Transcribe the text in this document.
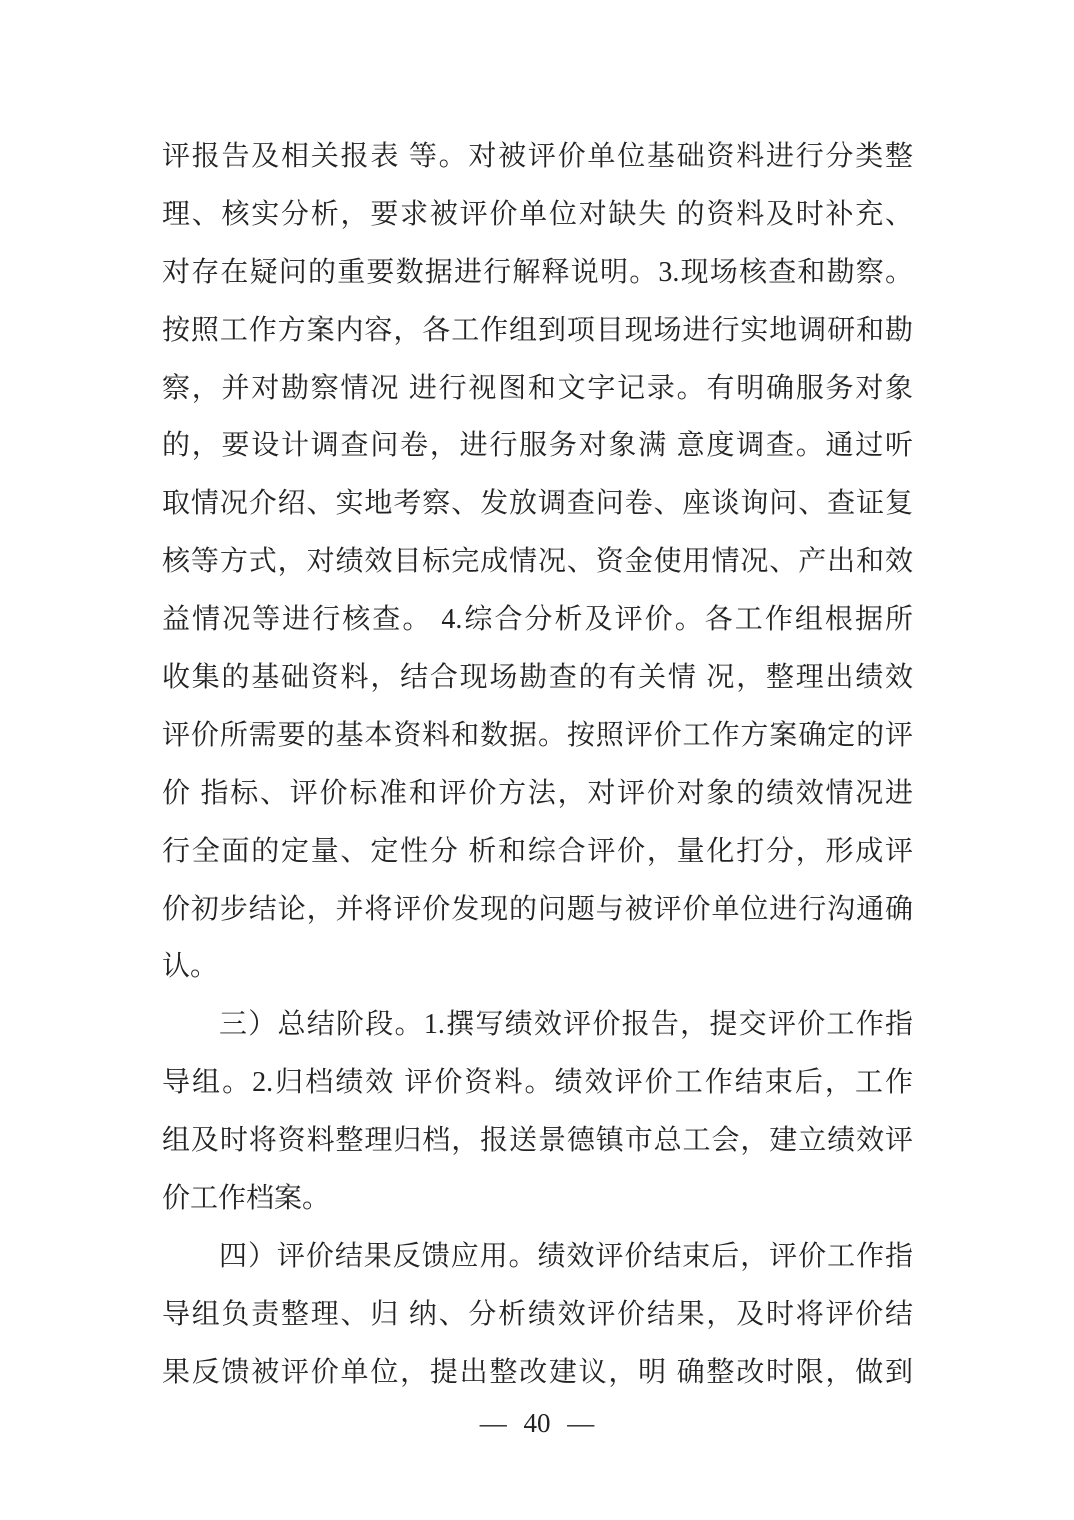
评报告及相关报表 等。对被评价单位基础资料进行分类整
理、核实分析，要求被评价单位对缺失 的资料及时补充、
对存在疑问的重要数据进行解释说明。3.现场核查和勘察。
按照工作方案内容，各工作组到项目现场进行实地调研和勘
察，并对勘察情况 进行视图和文字记录。有明确服务对象
的，要设计调查问卷，进行服务对象满 意度调查。通过听
取情况介绍、实地考察、发放调查问卷、座谈询问、查证复
核等方式，对绩效目标完成情况、资金使用情况、产出和效
益情况等进行核查。 4.综合分析及评价。各工作组根据所
收集的基础资料，结合现场勘查的有关情 况，整理出绩效
评价所需要的基本资料和数据。按照评价工作方案确定的评
价 指标、评价标准和评价方法，对评价对象的绩效情况进
行全面的定量、定性分 析和综合评价，量化打分，形成评
价初步结论，并将评价发现的问题与被评价单位进行沟通确
认。
三）总结阶段。1.撰写绩效评价报告，提交评价工作指
导组。2.归档绩效 评价资料。绩效评价工作结束后，工作
组及时将资料整理归档，报送景德镇市总工会，建立绩效评
价工作档案。
四）评价结果反馈应用。绩效评价结束后，评价工作指
导组负责整理、归 纳、分析绩效评价结果，及时将评价结
果反馈被评价单位，提出整改建议，明 确整改时限，做到
— 40 —
